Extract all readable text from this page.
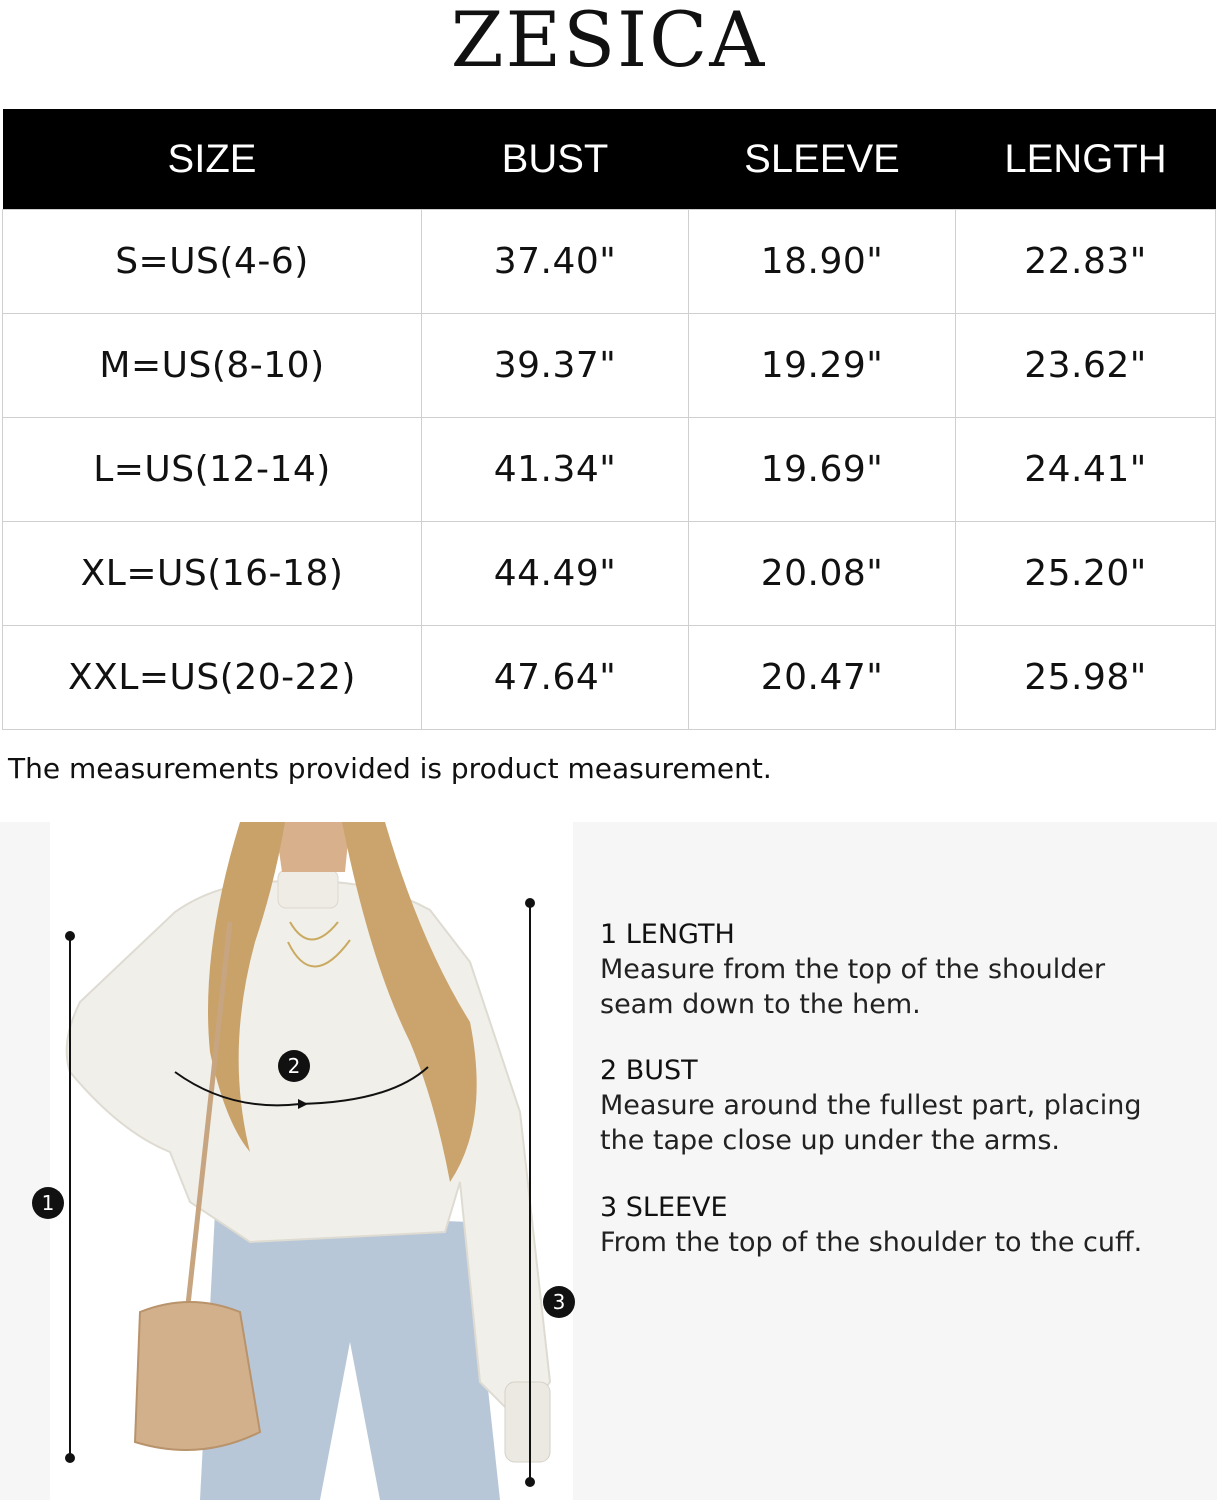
ZESICA
SIZE	BUST	SLEEVE	LENGTH
S=US(4-6)	37.40"	18.90"	22.83"
M=US(8-10)	39.37"	19.29"	23.62"
L=US(12-14)	41.34"	19.69"	24.41"
XL=US(16-18)	44.49"	20.08"	25.20"
XXL=US(20-22)	47.64"	20.47"	25.98"
The measurements provided is product measurement.
1
2
3
1 LENGTH
Measure from the top of the shoulder
seam down to the hem.
2 BUST
Measure around the fullest part, placing
the tape close up under the arms.
3 SLEEVE
From the top of the shoulder to the cuff.
